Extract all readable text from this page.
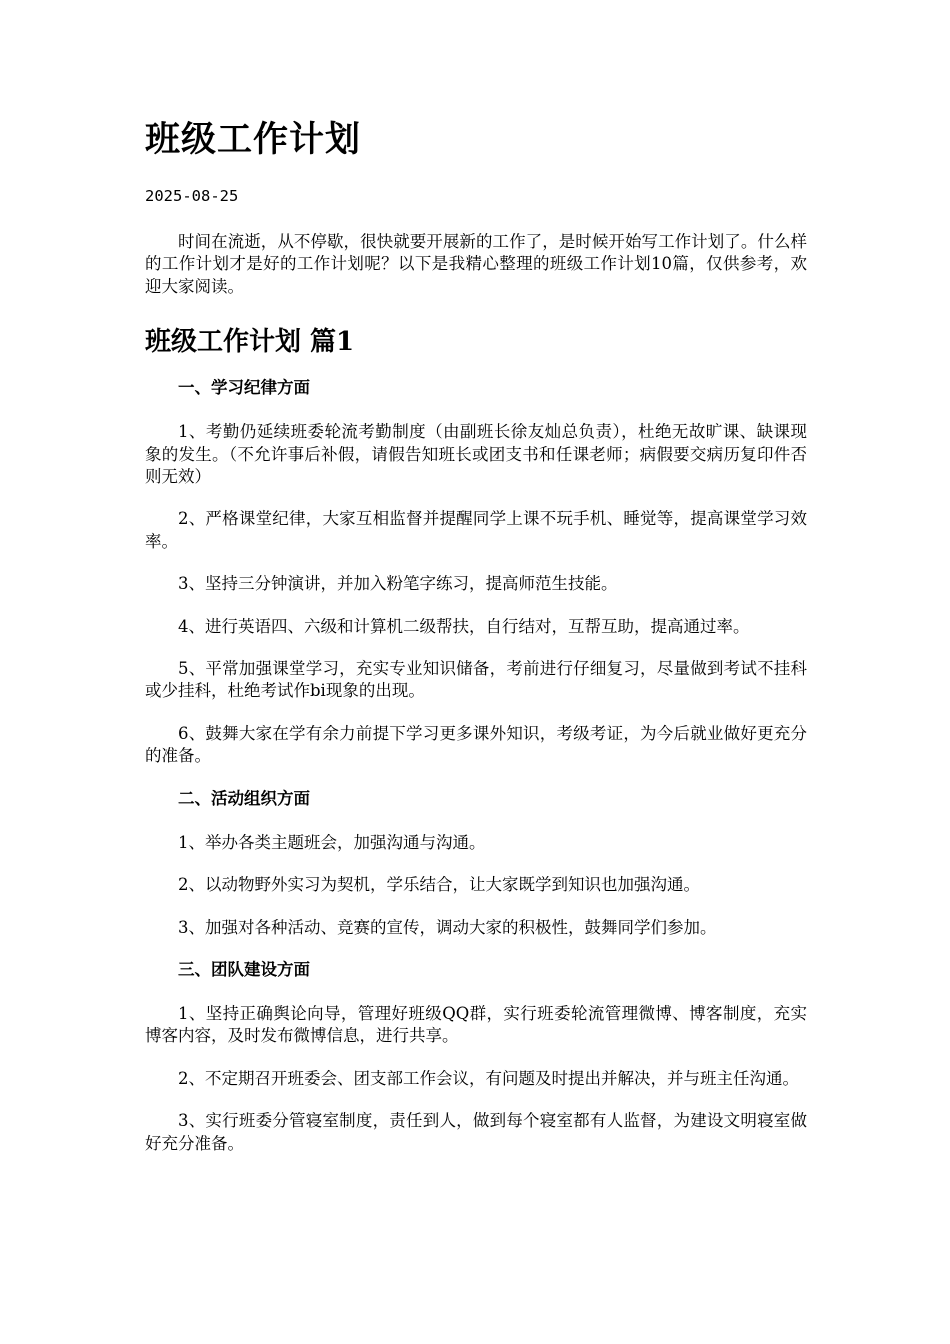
班级工作计划
2025-08-25

时间在流逝，从不停歇，很快就要开展新的工作了，是时候开始写工作计划了。什么样的工作计划才是好的工作计划呢？以下是我精心整理的班级工作计划10篇，仅供参考，欢迎大家阅读。

班级工作计划 篇1
一、学习纪律方面

1、考勤仍延续班委轮流考勤制度（由副班长徐友灿总负责），杜绝无故旷课、缺课现象的发生。（不允许事后补假，请假告知班长或团支书和任课老师；病假要交病历复印件否则无效）

2、严格课堂纪律，大家互相监督并提醒同学上课不玩手机、睡觉等，提高课堂学习效率。

3、坚持三分钟演讲，并加入粉笔字练习，提高师范生技能。

4、进行英语四、六级和计算机二级帮扶，自行结对，互帮互助，提高通过率。

5、平常加强课堂学习，充实专业知识储备，考前进行仔细复习，尽量做到考试不挂科或少挂科，杜绝考试作bi现象的出现。

6、鼓舞大家在学有余力前提下学习更多课外知识，考级考证，为今后就业做好更充分的准备。

二、活动组织方面

1、举办各类主题班会，加强沟通与沟通。

2、以动物野外实习为契机，学乐结合，让大家既学到知识也加强沟通。

3、加强对各种活动、竞赛的宣传，调动大家的积极性，鼓舞同学们参加。

三、团队建设方面

1、坚持正确舆论向导，管理好班级QQ群，实行班委轮流管理微博、博客制度，充实博客内容，及时发布微博信息，进行共享。

2、不定期召开班委会、团支部工作会议，有问题及时提出并解决，并与班主任沟通。

3、实行班委分管寝室制度，责任到人，做到每个寝室都有人监督，为建设文明寝室做好充分准备。
